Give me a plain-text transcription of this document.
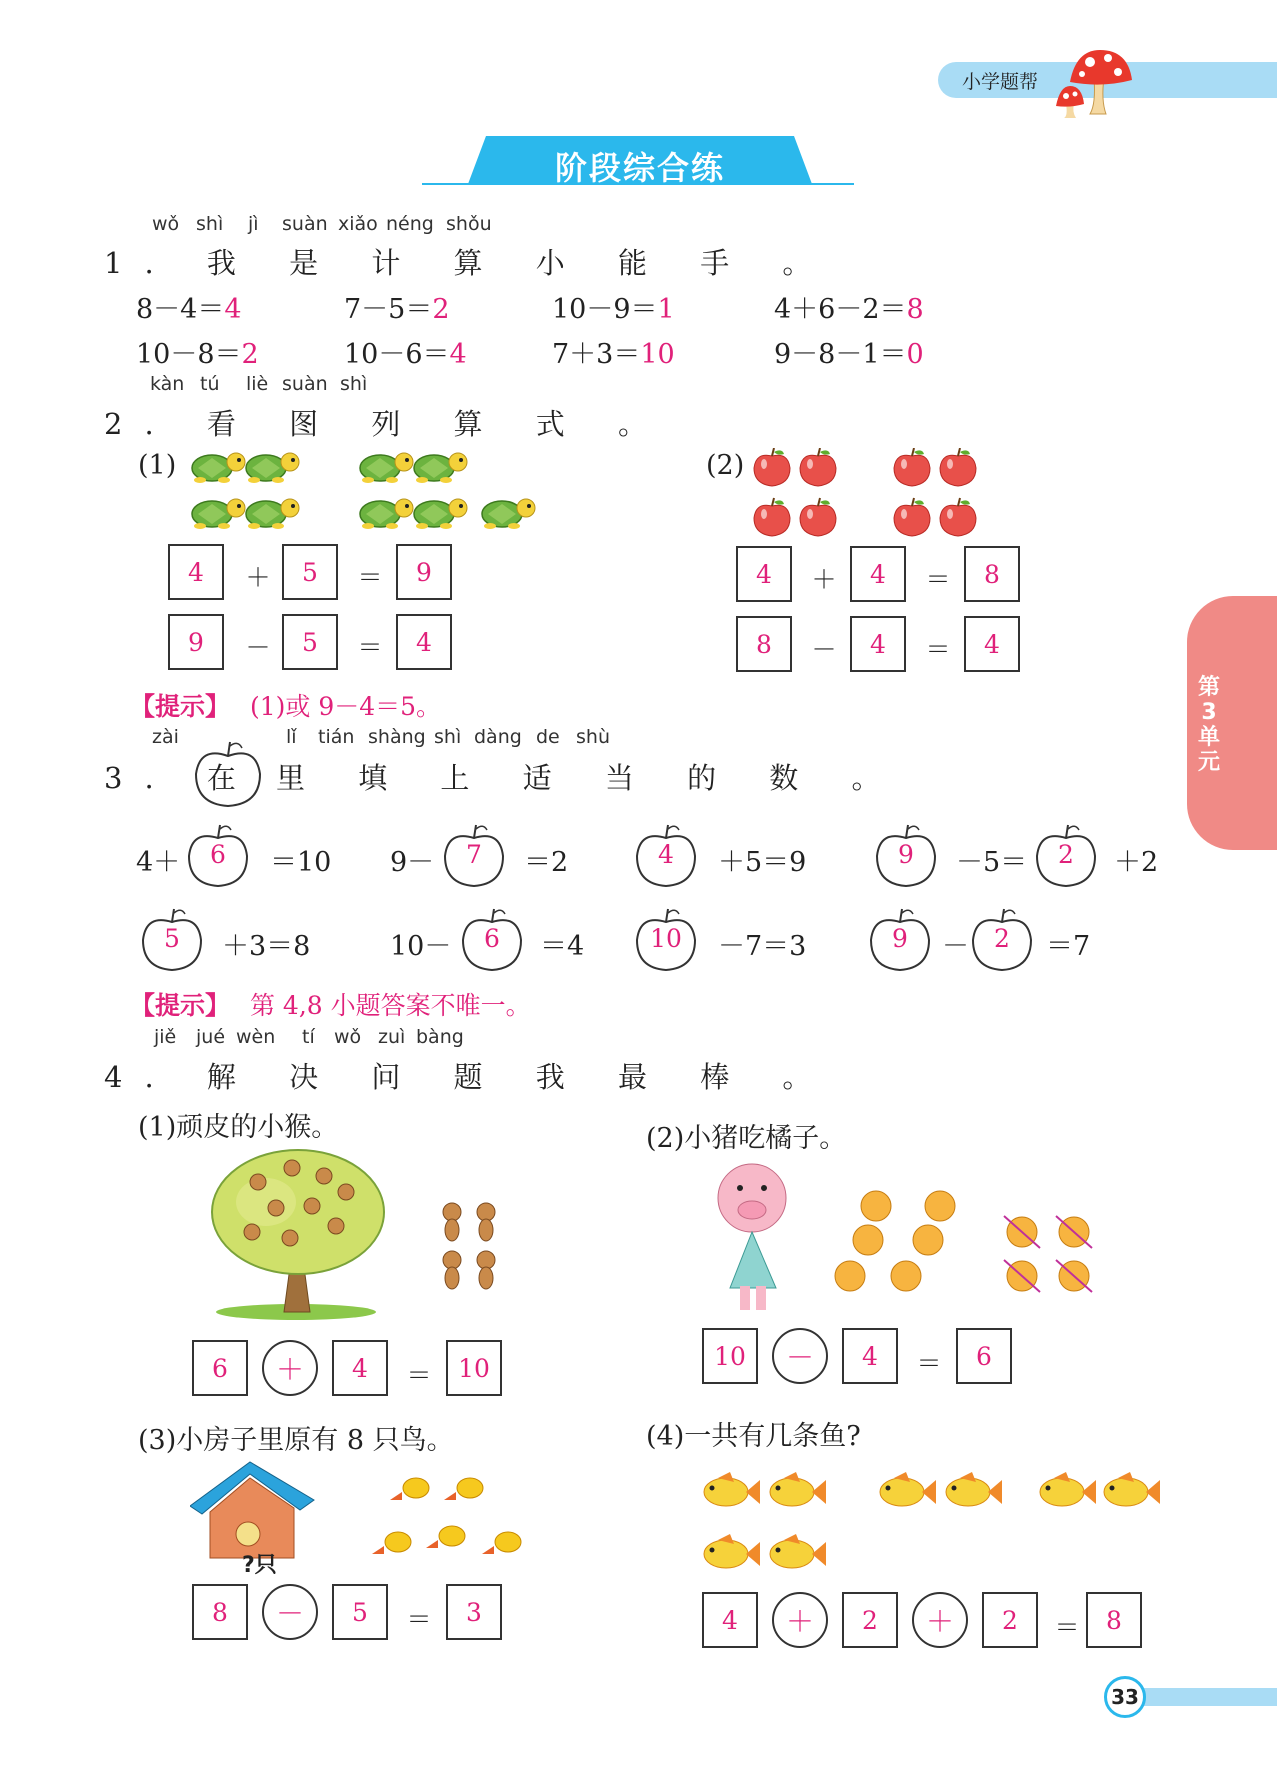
小学题帮
阶段综合练
第3单元
wǒ shì jì suàn xiǎo néng shǒu
1. 我 是 计 算 小 能 手 。
8－4＝4	7－5＝2	10－9＝1	4＋6－2＝8
10－8＝2	10－6＝4	7＋3＝10	9－8－1＝0
kàn tú liè suàn shì
2. 看 图 列 算 式 。
(1)	(2)
4	＋	5	＝	9
9	－	5	＝	4
4	＋	4	＝	8
8	－	4	＝	4
【提示】 (1)或 9－4＝5。
zài	lǐ tián shàng shì dàng de shù
3. 在 里 填 上 适 当 的 数 。
4＋	6	＝10 9－	7	＝2	4	＋5＝9	9	－5＝	2	＋2
5	＋3＝8	10－	6	＝4	10	－7＝3	9	－	2	＝7
【提示】 第 4,8 小题答案不唯一。
jiě jué wèn tí wǒ zuì bàng
4. 解 决 问 题 我 最 棒 。
(1)顽皮的小猴。	(2)小猪吃橘子。
6	＋	4	＝	10	10	－	4	＝	6
(3)小房子里原有 8 只鸟。	(4)一共有几条鱼?
?只
8	－	5	＝	3	4	＋	2	＋	2	＝	8
33
